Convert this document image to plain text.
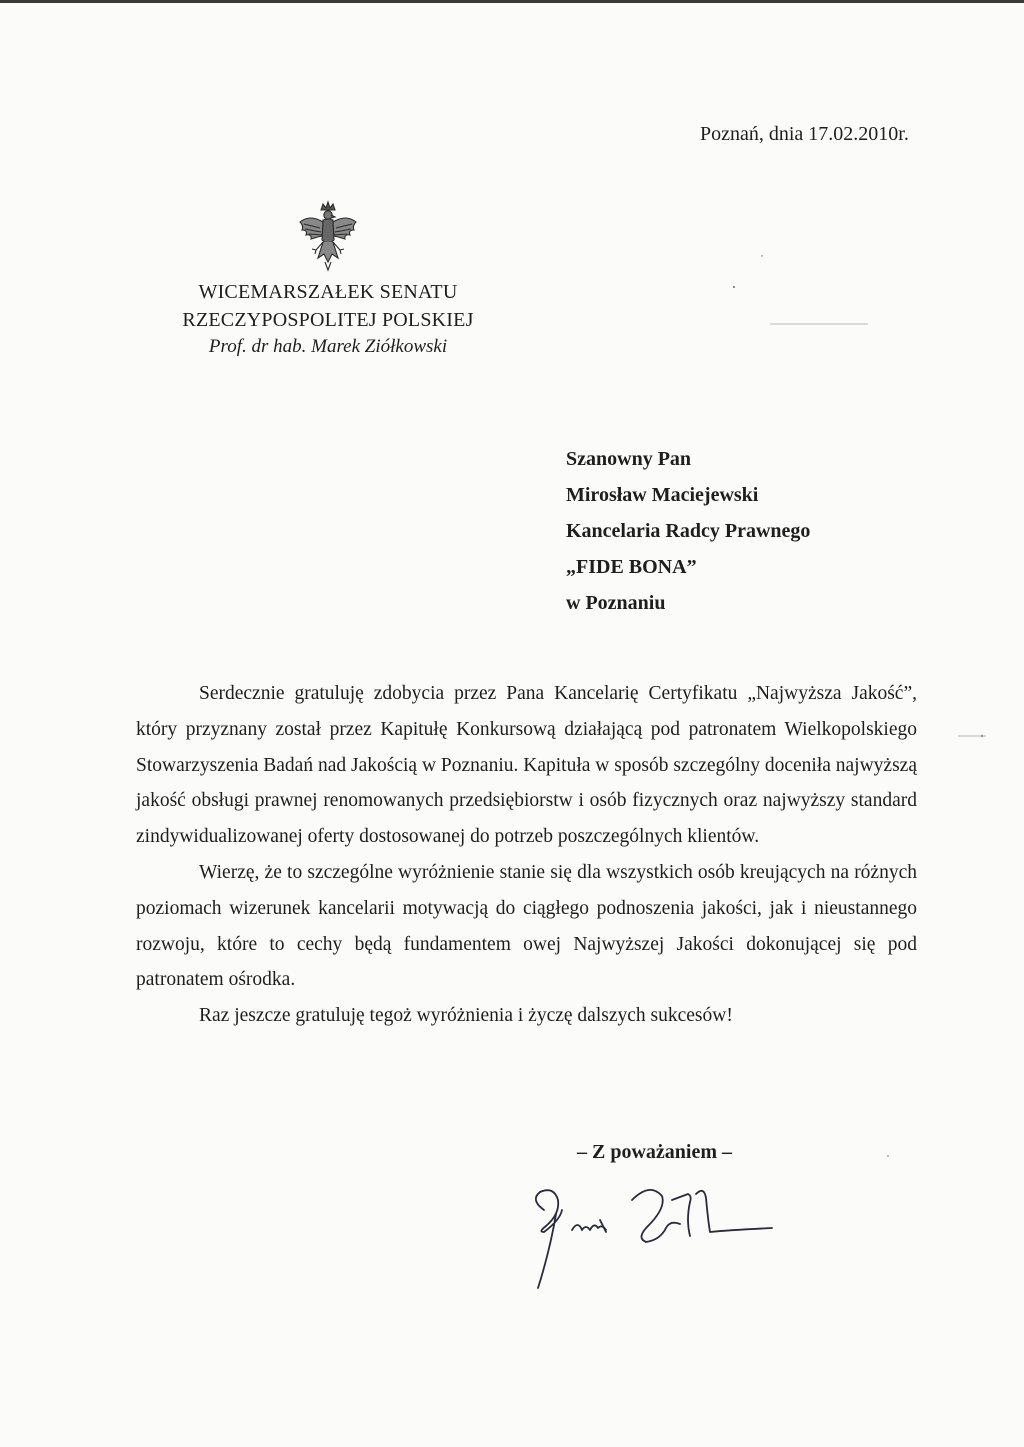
Poznań, dnia 17.02.2010r.
WICEMARSZAŁEK SENATU
RZECZYPOSPOLITEJ POLSKIEJ
Prof. dr hab. Marek Ziółkowski
Szanowny Pan
Mirosław Maciejewski
Kancelaria Radcy Prawnego
„FIDE BONA”
w Poznaniu

Serdecznie gratuluję zdobycia przez Pana Kancelarię Certyfikatu „Najwyższa Jakość”, który przyznany został przez Kapitułę Konkursową działającą pod patronatem Wielkopolskiego Stowarzyszenia Badań nad Jakością w Poznaniu. Kapituła w sposób szczególny doceniła najwyższą jakość obsługi prawnej renomowanych przedsiębiorstw i osób fizycznych oraz najwyższy standard zindywidualizowanej oferty dostosowanej do potrzeb poszczególnych klientów.

Wierzę, że to szczególne wyróżnienie stanie się dla wszystkich osób kreujących na różnych poziomach wizerunek kancelarii motywacją do ciągłego podnoszenia jakości, jak i nieustannego rozwoju, które to cechy będą fundamentem owej Najwyższej Jakości dokonującej się pod patronatem ośrodka.

Raz jeszcze gratuluję tegoż wyróżnienia i życzę dalszych sukcesów!

– Z poważaniem –
